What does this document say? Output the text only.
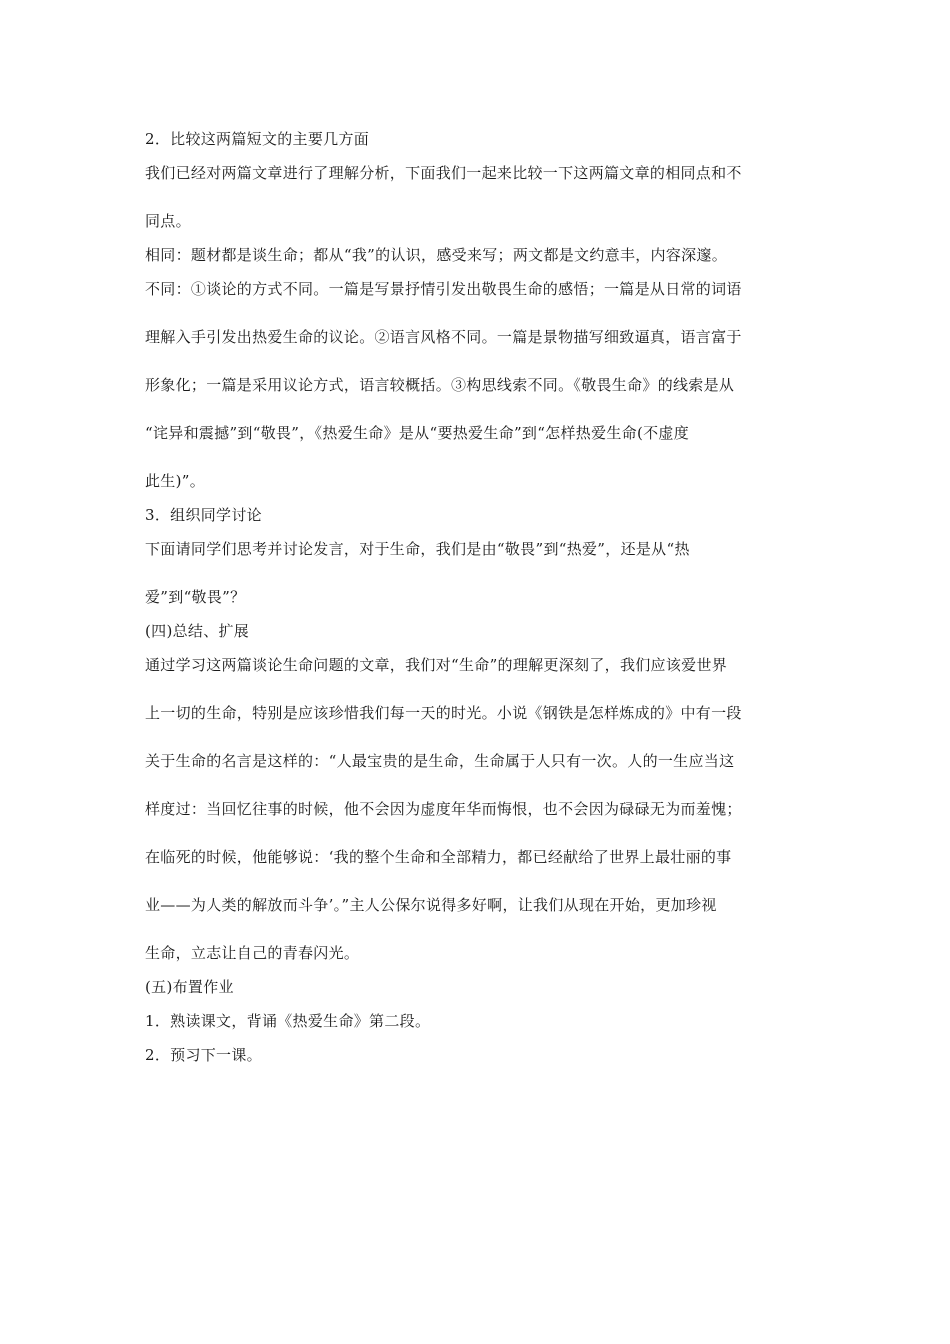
2．比较这两篇短文的主要几方面

我们已经对两篇文章进行了理解分析，下面我们一起来比较一下这两篇文章的相同点和不

同点。

相同：题材都是谈生命；都从“我”的认识，感受来写；两文都是文约意丰，内容深邃。

不同：①谈论的方式不同。一篇是写景抒情引发出敬畏生命的感悟；一篇是从日常的词语

理解入手引发出热爱生命的议论。②语言风格不同。一篇是景物描写细致逼真，语言富于

形象化；一篇是采用议论方式，语言较概括。③构思线索不同。《敬畏生命》的线索是从

“诧异和震撼”到“敬畏”，《热爱生命》是从“要热爱生命”到“怎样热爱生命(不虚度

此生)”。

3．组织同学讨论

下面请同学们思考并讨论发言，对于生命，我们是由“敬畏”到“热爱”，还是从“热

爱”到“敬畏”？

(四)总结、扩展

通过学习这两篇谈论生命问题的文章，我们对“生命”的理解更深刻了，我们应该爱世界

上一切的生命，特别是应该珍惜我们每一天的时光。小说《钢铁是怎样炼成的》中有一段

关于生命的名言是这样的：“人最宝贵的是生命，生命属于人只有一次。人的一生应当这

样度过：当回忆往事的时候，他不会因为虚度年华而悔恨，也不会因为碌碌无为而羞愧；

在临死的时候，他能够说：‘我的整个生命和全部精力，都已经献给了世界上最壮丽的事

业——为人类的解放而斗争’。”主人公保尔说得多好啊，让我们从现在开始，更加珍视

生命，立志让自己的青春闪光。

(五)布置作业

1．熟读课文，背诵《热爱生命》第二段。

2．预习下一课。
